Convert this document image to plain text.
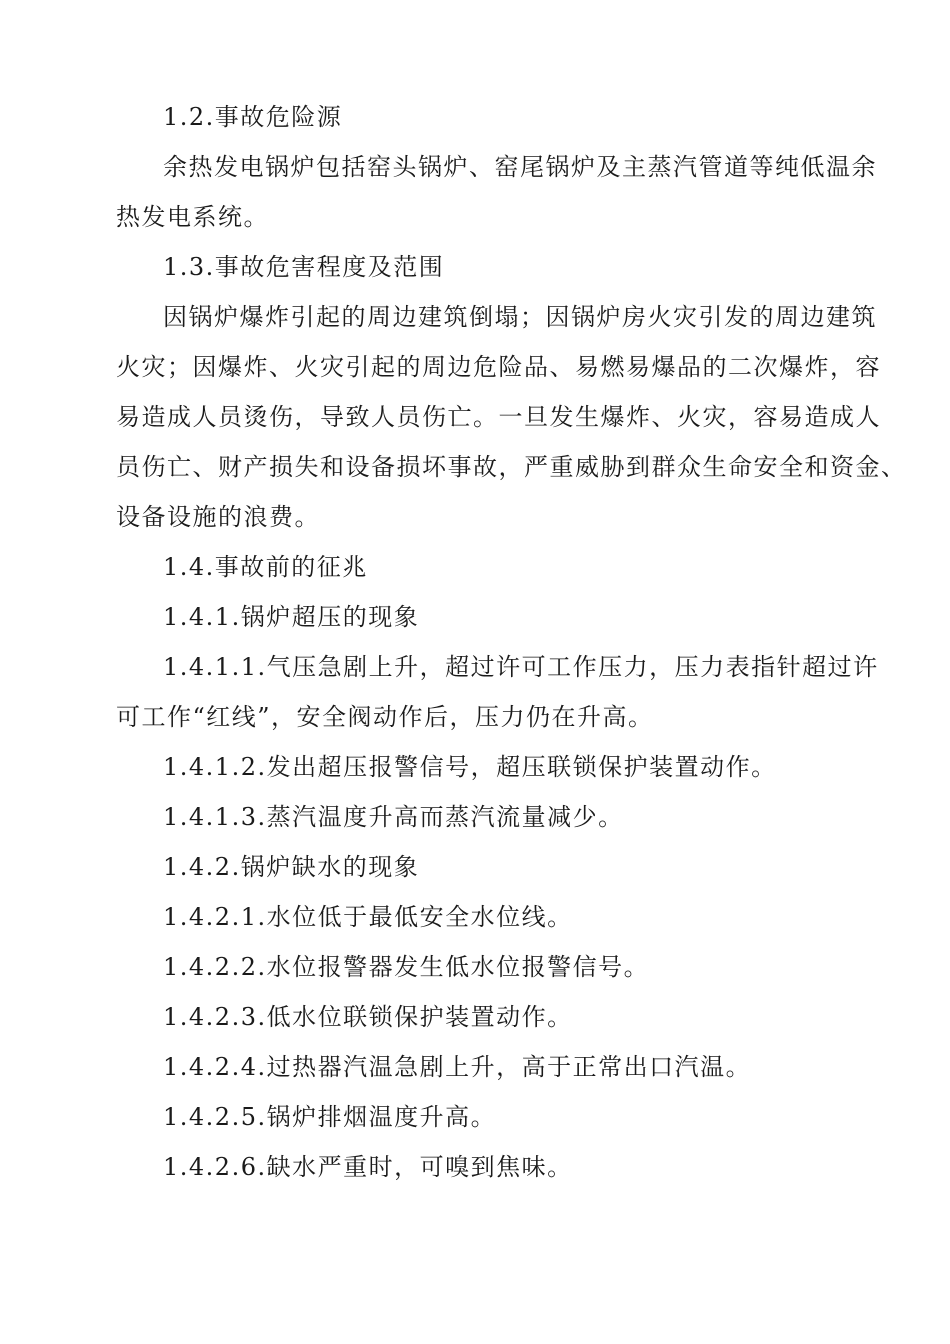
1.2.事故危险源
余热发电锅炉包括窑头锅炉、窑尾锅炉及主蒸汽管道等纯低温余
热发电系统。
1.3.事故危害程度及范围
因锅炉爆炸引起的周边建筑倒塌；因锅炉房火灾引发的周边建筑
火灾；因爆炸、火灾引起的周边危险品、易燃易爆品的二次爆炸，容
易造成人员烫伤，导致人员伤亡。一旦发生爆炸、火灾，容易造成人
员伤亡、财产损失和设备损坏事故，严重威胁到群众生命安全和资金、
设备设施的浪费。
1.4.事故前的征兆
1.4.1.锅炉超压的现象
1.4.1.1.气压急剧上升，超过许可工作压力，压力表指针超过许
可工作“红线”，安全阀动作后，压力仍在升高。
1.4.1.2.发出超压报警信号，超压联锁保护装置动作。
1.4.1.3.蒸汽温度升高而蒸汽流量减少。
1.4.2.锅炉缺水的现象
1.4.2.1.水位低于最低安全水位线。
1.4.2.2.水位报警器发生低水位报警信号。
1.4.2.3.低水位联锁保护装置动作。
1.4.2.4.过热器汽温急剧上升，高于正常出口汽温。
1.4.2.5.锅炉排烟温度升高。
1.4.2.6.缺水严重时，可嗅到焦味。
